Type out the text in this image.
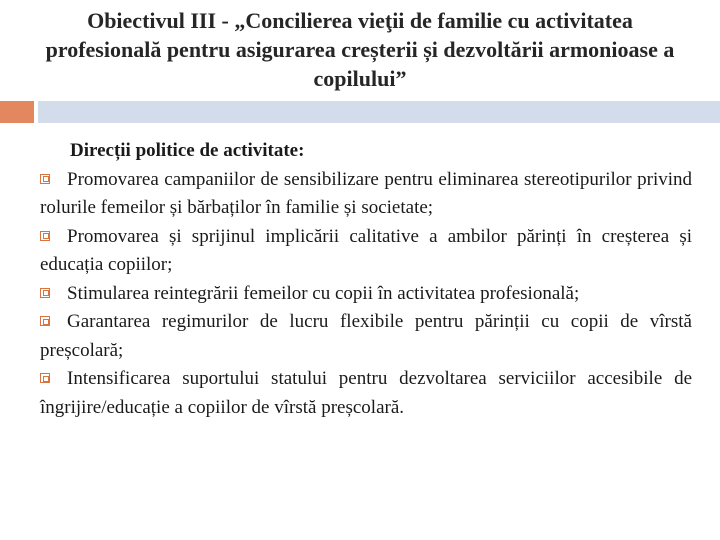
Obiectivul III - „Concilierea vieţii de familie cu activitatea profesională pentru asigurarea creșterii și dezvoltării armonioase a copilului”

Direcții politice de activitate:

Promovarea campaniilor de sensibilizare pentru eliminarea stereotipurilor privind rolurile femeilor și bărbaților în familie și societate;

Promovarea și sprijinul implicării calitative a ambilor părinți în creșterea și educația copiilor;

Stimularea reintegrării femeilor cu copii în activitatea profesională;

Garantarea regimurilor de lucru flexibile pentru părinții cu copii de vîrstă preșcolară;

Intensificarea suportului statului pentru dezvoltarea serviciilor accesibile de îngrijire/educație a copiilor de vîrstă preșcolară.
